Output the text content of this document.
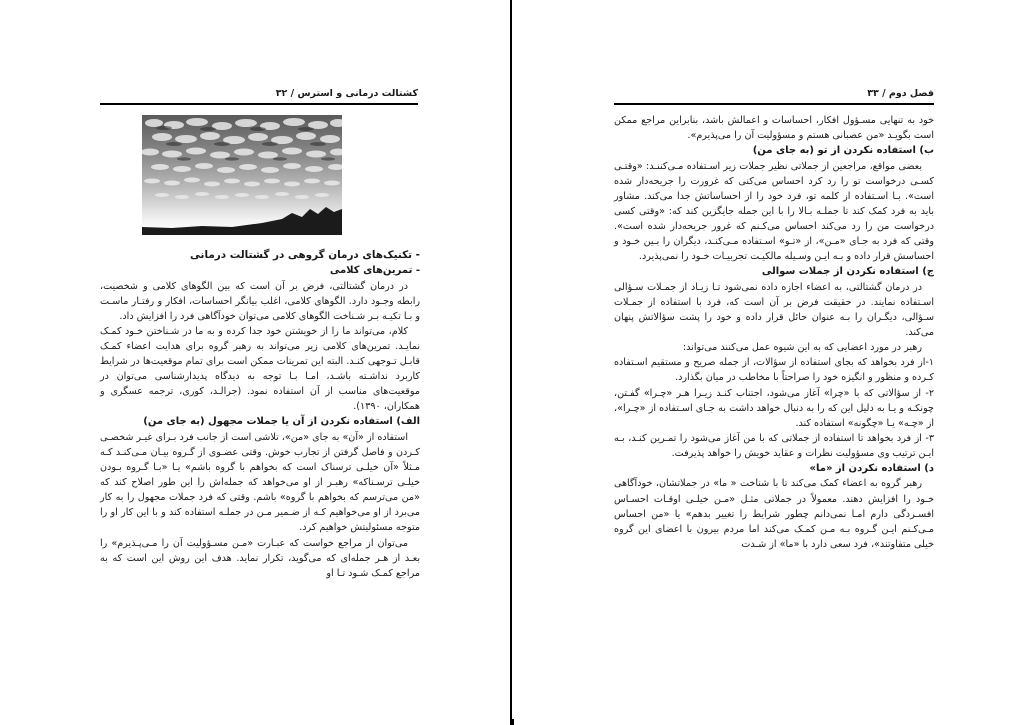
۳۲ / کشتالت درمانی و استرس
- تکنیک‌های درمان گروهی در گشتالت درمانی
- تمرین‌های کلامی

در درمان گشتالتی، فرض بر آن است که بین الگوهای کلامی و شخصیت، رابطه وجـود دارد. الگوهای کلامی، اغلب بیانگر احساسات، افکار و رفتـار ماسـت و بـا تکیـه بـر شـناخت الگوهای کلامی می‌توان خودآگاهی فرد را افزایش داد.

کلام، می‌تواند ما را از خویشتن خود جدا کرده و به ما در شـناختن خـود کمـک نمایـد. تمرین‌های کلامی زیر می‌تواند به رهبر گروه برای هدایت اعضاء کمـک قابـل تـوجهی کنـد. البته این تمرینات ممکن است برای تمام موقعیت‌ها در شرایط کاربرد نداشـته باشـد، امـا بـا توجه به دیدگاه پدیدارشناسی می‌توان در موقعیت‌های مناسب از آن استفاده نمود. (جرالـد، کوری، ترجمه عسگری و همکاران، ۱۳۹۰).

الف) استفاده نکردن از آن یا جملات مجهول (به جای من)

استفاده از «آن» به جای «من»، تلاشی است از جانب فرد بـرای غیـر شخصـی کـردن و فاصل گرفتن از تجارب خوش. وقتی عضـوی از گـروه بیـان مـی‌کنـد کـه مـثلاً «آن خیلـی ترسناک است که بخواهم با گروه باشم» یـا «بـا گـروه بـودن خیلـی ترسـناکه» رهبـر از او می‌خواهد که جمله‌اش را این طور اصلاح کند که «من می‌ترسم که بخواهم با گروه» باشم. وقتی که فرد جملات مجهول را به کار می‌برد از او می‌خواهیم کـه از ضـمیر مـن در جملـه استفاده کند و با این کار او را متوجه مسئولیتش خواهیم کرد.

می‌توان از مراجع خواست که عبـارت «مـن مسـؤولیت آن را مـی‌پـذیرم» را بعـد از هـر جمله‌ای که می‌گوید، تکرار نماید. هدف این روش این است که به مراجع کمـک شـود تـا او

فصل دوم / ۳۳

خود به تنهایی مسـؤول افکار، احساسات و اعمالش باشد، بنابراین مراجع ممکن است بگویـد «من عصبانی هستم و مسؤولیت آن را می‌پذیرم».

ب) استفاده نکردن از تو (به جای من)

بعضی مواقع، مراجعین از جملاتی نظیر جملات زیر اسـتفاده مـی‌کننـد: «وقتـی کسـی درخواست تو را رد کرد احساس می‌کنی که غرورت را جریحه‌دار شده است». بـا اسـتفاده از کلمه تو، فرد خود را از احساساتش جدا می‌کند. مشاور باید به فرد کمک کند تا جملـه بـالا را با این جمله جایگزین کند که: «وقتی کسی درخواست من را رد می‌کند احساس می‌کـنم که غرور جریحه‌دار شده است». وقتی که فرد به جـای «مـن»، از «تـو» اسـتفاده مـی‌کنـد، دیگران را بـین خـود و احساسش قرار داده و بـه ایـن وسـیله مالکیـت تجربیـات خـود را نمی‌پذیرد.

ج) استفاده نکردن از جملات سوالی

در درمان گشتالتی، به اعضاء اجازه داده نمی‌شود تـا زیـاد از جمـلات سـؤالی اسـتفاده نمایند. در حقیقت فرض بر آن است که، فرد با استفاده از جمـلات سـؤالی، دیگـران را بـه عنوان حائل قرار داده و خود را پشت سؤالاتش پنهان می‌کند.

رهبر در مورد اعضایی که به این شیوه عمل می‌کنند می‌تواند:

۱-از فرد بخواهد که بجای استفاده از سؤالات، از جمله صریح و مستقیم اسـتفاده کـرده و منظور و انگیزه خود را صراحتاً با مخاطب در میان بگذارد.

۲- از سؤالاتی که با «چرا» آغاز می‌شود، اجتناب کنـد زیـرا هـر «چـرا» گفـتن، چونکـه و یـا به دلیل این که را به دنبال خواهد داشت به جـای اسـتفاده از «چـرا»، از «چـه» یـا «چگونه» استفاده کند.

۳- از فرد بخواهد تا استفاده از جملاتی که با من آغاز می‌شود را تمـرین کنـد، بـه ایـن ترتیب وی مسؤولیت نظرات و عقاید خویش را خواهد پذیرفت.

د) استفاده نکردن از «ما»

رهبر گروه به اعضاء کمک می‌کند تا با شناخت « ما» در جملاتشان، خودآگاهی خـود را افزایش دهند. معمولاً در جملاتی مثـل «مـن خیلـی اوقـات احسـاس افسـردگی دارم امـا نمی‌دانم چطور شرایط را تغییر بدهم» یا «من احساس مـی‌کـنم ایـن گـروه بـه مـن کمـک می‌کند اما مردم بیرون با اعضای این گروه خیلی متفاوتند»، فرد سعی دارد با «ما» از شـدت
